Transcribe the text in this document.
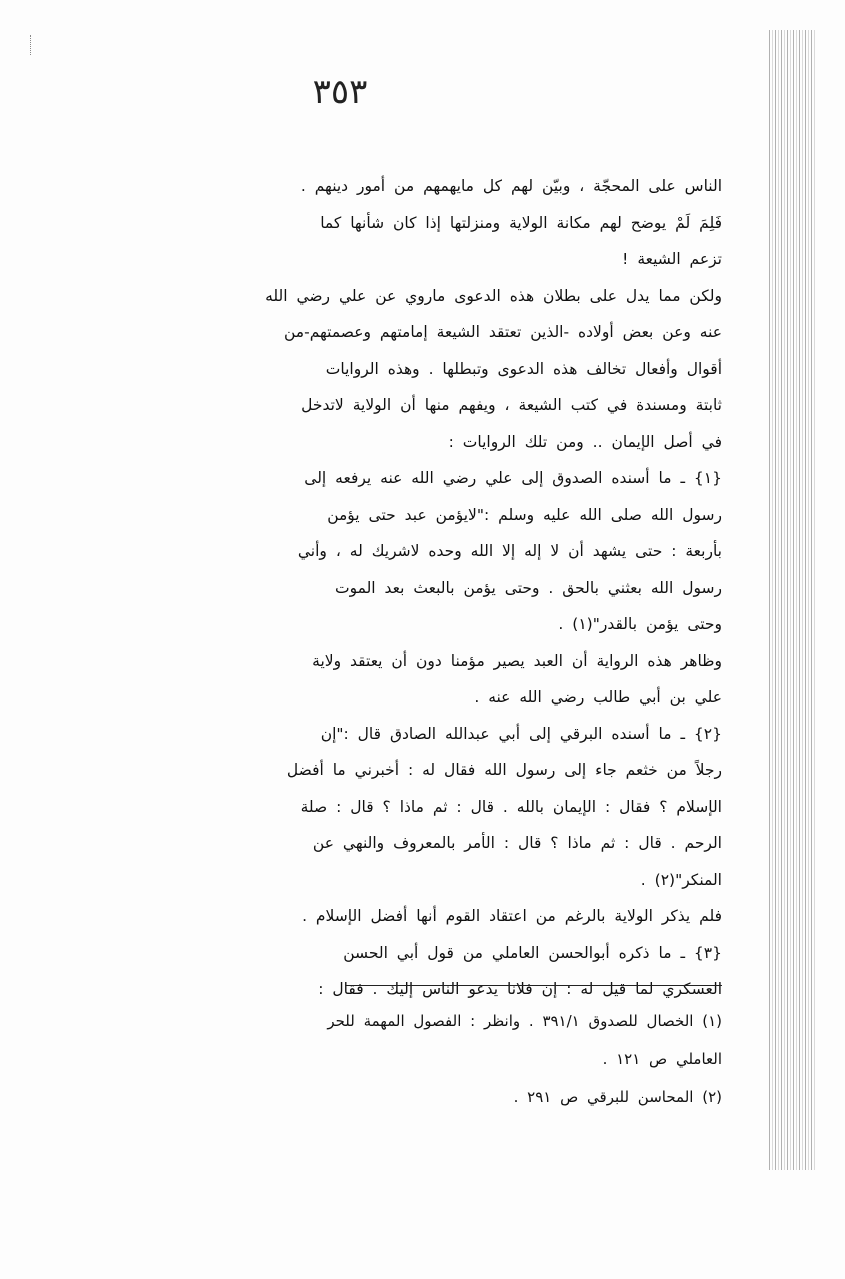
٣٥٣
الناس على المحجّة ، وبيّن لهم كل مايهمهم من أمور دينهم .
فَلِمَ لَمْ يوضح لهم مكانة الولاية ومنزلتها إذا كان شأنها كما
تزعم الشيعة !
ولكن مما يدل على بطلان هذه الدعوى ماروي عن علي رضي الله
عنه وعن بعض أولاده -الذين تعتقد الشيعة إمامتهم وعصمتهم-من
أقوال وأفعال تخالف هذه الدعوى وتبطلها . وهذه الروايات
ثابتة ومسندة في كتب الشيعة ، ويفهم منها أن الولاية لاتدخل
في أصل الإيمان .. ومن تلك الروايات :
{١} ـ ما أسنده الصدوق إلى علي رضي الله عنه يرفعه إلى
رسول الله صلى الله عليه وسلم :"لايؤمن عبد حتى يؤمن
بأربعة : حتى يشهد أن لا إله إلا الله وحده لاشريك له ، وأني
رسول الله بعثني بالحق . وحتى يؤمن بالبعث بعد الموت
وحتى يؤمن بالقدر"(١) .
وظاهر هذه الرواية أن العبد يصير مؤمنا دون أن يعتقد ولاية
علي بن أبي طالب رضي الله عنه .
{٢} ـ ما أسنده البرقي إلى أبي عبدالله الصادق قال :"إن
رجلاً من خثعم جاء إلى رسول الله فقال له : أخبرني ما أفضل
الإسلام ؟ فقال : الإيمان بالله . قال : ثم ماذا ؟ قال : صلة
الرحم . قال : ثم ماذا ؟ قال : الأمر بالمعروف والنهي عن
المنكر"(٢) .
فلم يذكر الولاية بالرغم من اعتقاد القوم أنها أفضل الإسلام .
{٣} ـ ما ذكره أبوالحسن العاملي من قول أبي الحسن
العسكري لما قيل له : إن فلانا يدعو الناس إليك . فقال :
(١) الخصال للصدوق ٣٩١/١ . وانظر : الفصول المهمة للحر
العاملي ص ١٢١ .
(٢) المحاسن للبرقي ص ٢٩١ .
